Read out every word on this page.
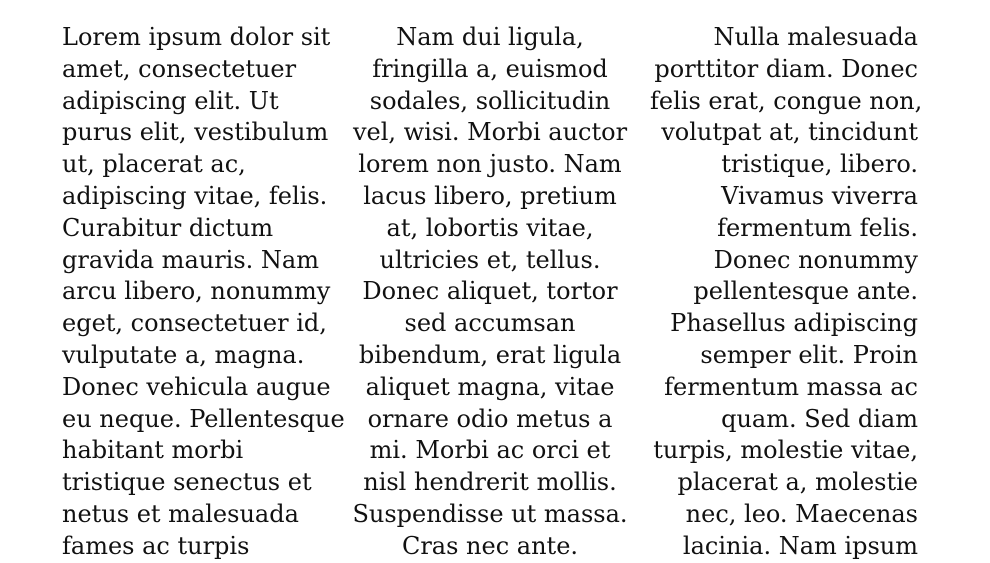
Lorem ipsum dolor sit
amet, consectetuer
adipiscing elit. Ut
purus elit, vestibulum
ut, placerat ac,
adipiscing vitae, felis.
Curabitur dictum
gravida mauris. Nam
arcu libero, nonummy
eget, consectetuer id,
vulputate a, magna.
Donec vehicula augue
eu neque. Pellentesque
habitant morbi
tristique senectus et
netus et malesuada
fames ac turpis
Nam dui ligula,
fringilla a, euismod
sodales, sollicitudin
vel, wisi. Morbi auctor
lorem non justo. Nam
lacus libero, pretium
at, lobortis vitae,
ultricies et, tellus.
Donec aliquet, tortor
sed accumsan
bibendum, erat ligula
aliquet magna, vitae
ornare odio metus a
mi. Morbi ac orci et
nisl hendrerit mollis.
Suspendisse ut massa.
Cras nec ante.
Nulla malesuada
porttitor diam. Donec
felis erat, congue non,
volutpat at, tincidunt
tristique, libero.
Vivamus viverra
fermentum felis.
Donec nonummy
pellentesque ante.
Phasellus adipiscing
semper elit. Proin
fermentum massa ac
quam. Sed diam
turpis, molestie vitae,
placerat a, molestie
nec, leo. Maecenas
lacinia. Nam ipsum
